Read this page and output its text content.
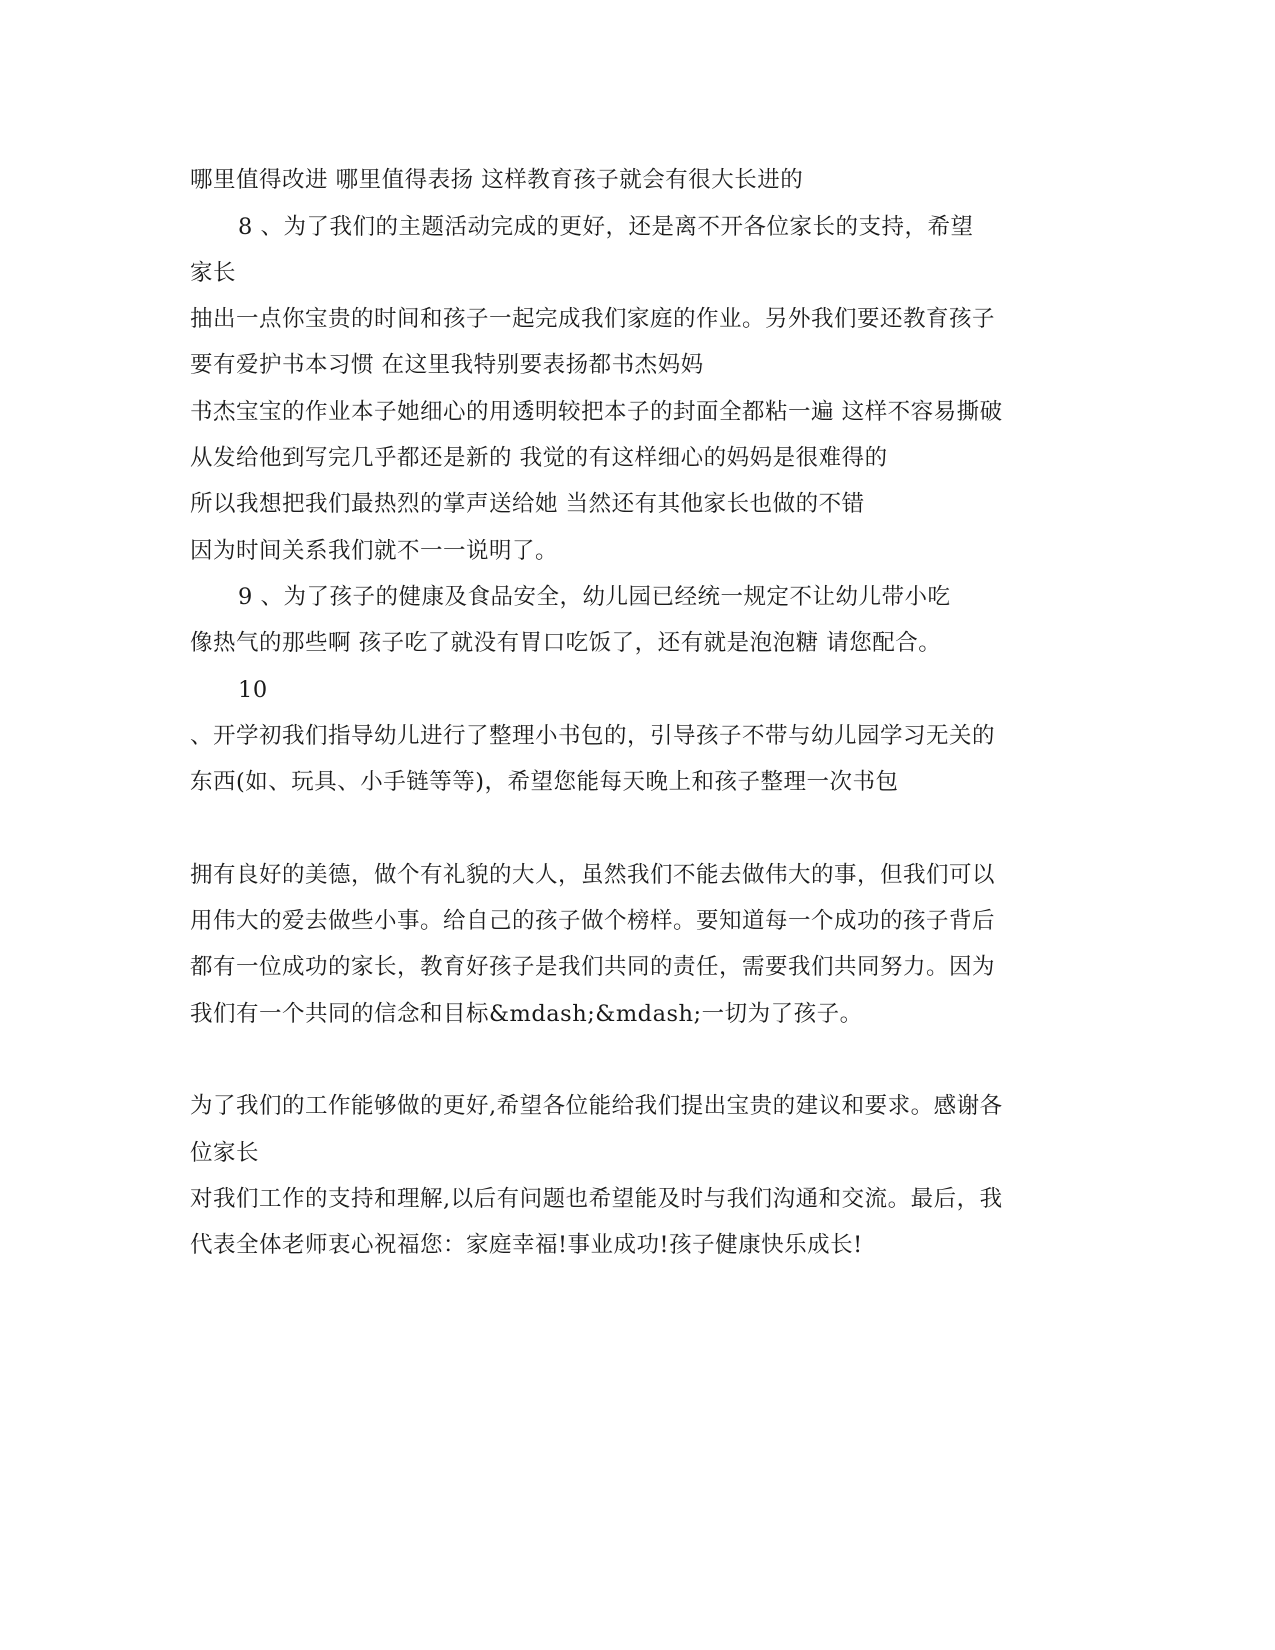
哪里值得改进 哪里值得表扬 这样教育孩子就会有很大长进的
8 、为了我们的主题活动完成的更好，还是离不开各位家长的支持，希望
家长
抽出一点你宝贵的时间和孩子一起完成我们家庭的作业。另外我们要还教育孩子
要有爱护书本习惯 在这里我特别要表扬都书杰妈妈
书杰宝宝的作业本子她细心的用透明较把本子的封面全都粘一遍 这样不容易撕破
从发给他到写完几乎都还是新的 我觉的有这样细心的妈妈是很难得的
所以我想把我们最热烈的掌声送给她 当然还有其他家长也做的不错
因为时间关系我们就不一一说明了。
9 、为了孩子的健康及食品安全，幼儿园已经统一规定不让幼儿带小吃
像热气的那些啊 孩子吃了就没有胃口吃饭了，还有就是泡泡糖 请您配合。
10
、开学初我们指导幼儿进行了整理小书包的，引导孩子不带与幼儿园学习无关的
东西(如、玩具、小手链等等)，希望您能每天晚上和孩子整理一次书包
拥有良好的美德，做个有礼貌的大人，虽然我们不能去做伟大的事，但我们可以
用伟大的爱去做些小事。给自己的孩子做个榜样。要知道每一个成功的孩子背后
都有一位成功的家长，教育好孩子是我们共同的责任，需要我们共同努力。因为
我们有一个共同的信念和目标&mdash;&mdash;一切为了孩子。
为了我们的工作能够做的更好,希望各位能给我们提出宝贵的建议和要求。感谢各
位家长
对我们工作的支持和理解,以后有问题也希望能及时与我们沟通和交流。最后，我
代表全体老师衷心祝福您：家庭幸福!事业成功!孩子健康快乐成长!
